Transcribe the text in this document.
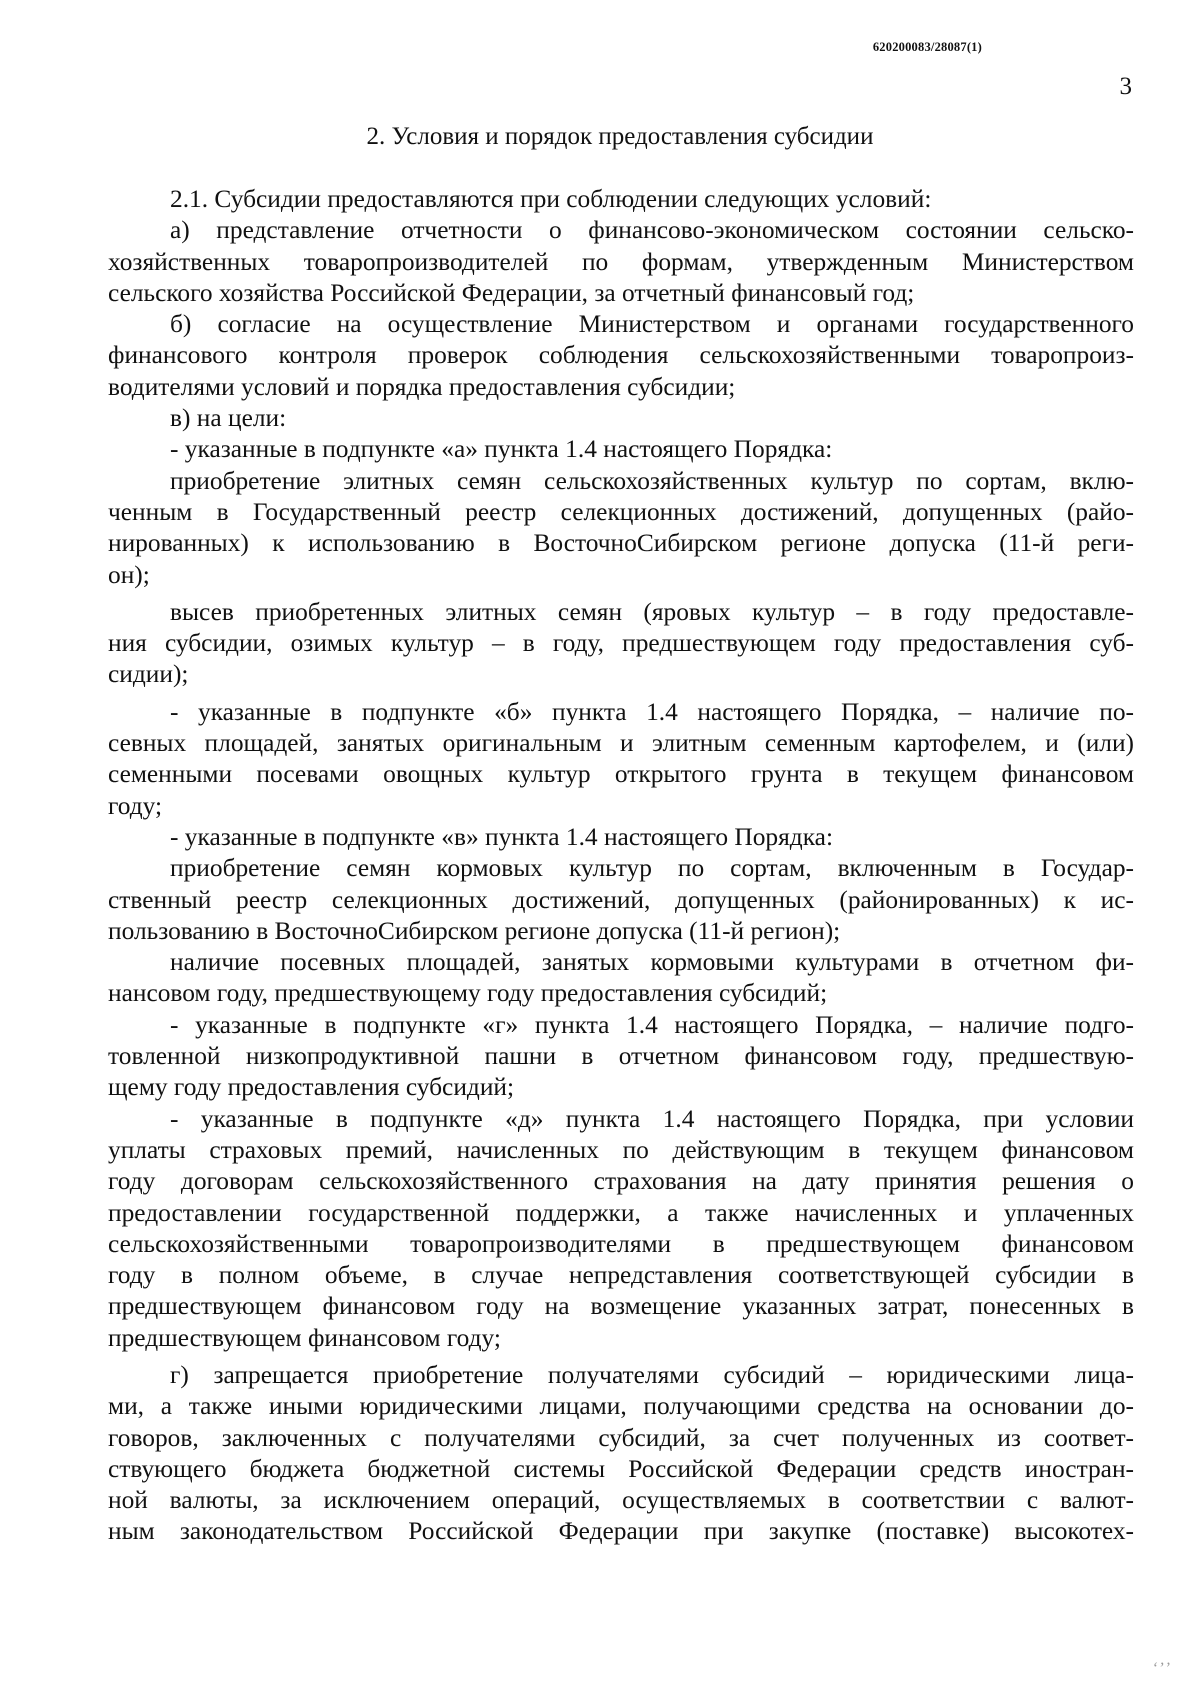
620200083/28087(1)
3
2. Условия и порядок предоставления субсидии
2.1. Субсидии предоставляются при соблюдении следующих условий:
а) представление отчетности о финансово-экономическом состоянии сельско-
хозяйственных товаропроизводителей по формам, утвержденным Министерством
сельского хозяйства Российской Федерации, за отчетный финансовый год;
б) согласие на осуществление Министерством и органами государственного
финансового контроля проверок соблюдения сельскохозяйственными товаропроиз-
водителями условий и порядка предоставления субсидии;
в) на цели:
- указанные в подпункте «а» пункта 1.4 настоящего Порядка:
приобретение элитных семян сельскохозяйственных культур по сортам, вклю-
ченным в Государственный реестр селекционных достижений, допущенных (райо-
нированных) к использованию в ВосточноСибирском регионе допуска (11-й реги-
он);
высев приобретенных элитных семян (яровых культур – в году предоставле-
ния субсидии, озимых культур – в году, предшествующем году предоставления суб-
сидии);
- указанные в подпункте «б» пункта 1.4 настоящего Порядка, – наличие по-
севных площадей, занятых оригинальным и элитным семенным картофелем, и (или)
семенными посевами овощных культур открытого грунта в текущем финансовом
году;
- указанные в подпункте «в» пункта 1.4 настоящего Порядка:
приобретение семян кормовых культур по сортам, включенным в Государ-
ственный реестр селекционных достижений, допущенных (районированных) к ис-
пользованию в ВосточноСибирском регионе допуска (11-й регион);
наличие посевных площадей, занятых кормовыми культурами в отчетном фи-
нансовом году, предшествующему году предоставления субсидий;
- указанные в подпункте «г» пункта 1.4 настоящего Порядка, – наличие подго-
товленной низкопродуктивной пашни в отчетном финансовом году, предшествую-
щему году предоставления субсидий;
- указанные в подпункте «д» пункта 1.4 настоящего Порядка, при условии
уплаты страховых премий, начисленных по действующим в текущем финансовом
году договорам сельскохозяйственного страхования на дату принятия решения о
предоставлении государственной поддержки, а также начисленных и уплаченных
сельскохозяйственными товаропроизводителями в предшествующем финансовом
году в полном объеме, в случае непредставления соответствующей субсидии в
предшествующем финансовом году на возмещение указанных затрат, понесенных в
предшествующем финансовом году;
г) запрещается приобретение получателями субсидий – юридическими лица-
ми, а также иными юридическими лицами, получающими средства на основании до-
говоров, заключенных с получателями субсидий, за счет полученных из соответ-
ствующего бюджета бюджетной системы Российской Федерации средств иностран-
ной валюты, за исключением операций, осуществляемых в соответствии с валют-
ным законодательством Российской Федерации при закупке (поставке) высокотех-
ʻʼʼ
